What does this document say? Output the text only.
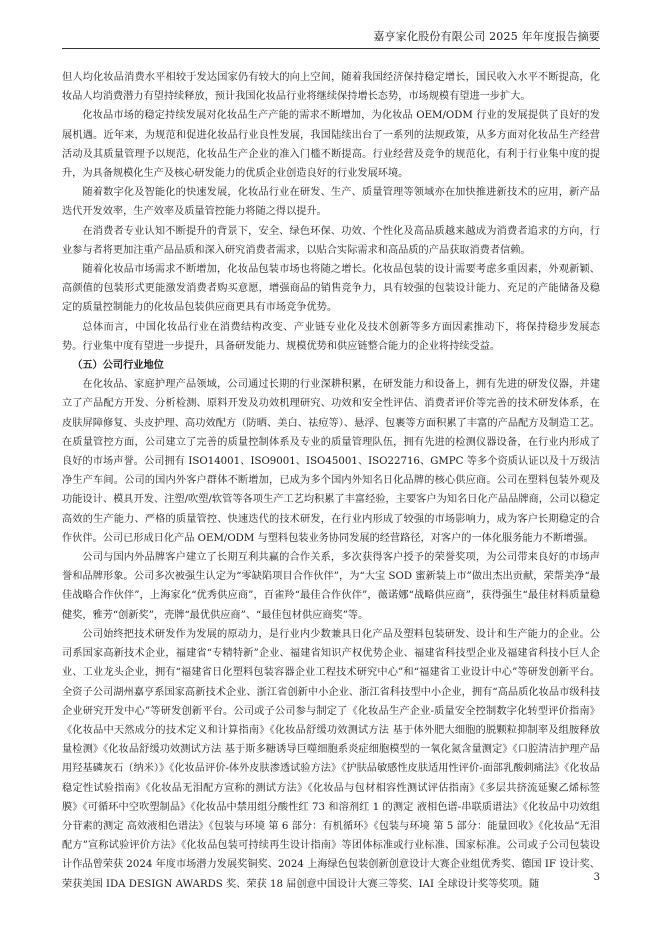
嘉亨家化股份有限公司 2025 年年度报告摘要

但人均化妆品消费水平相较于发达国家仍有较大的向上空间，随着我国经济保持稳定增长，国民收入水平不断提高，化妆品人均消费潜力有望持续释放，预计我国化妆品行业将继续保持增长态势，市场规模有望进一步扩大。

化妆品市场的稳定持续发展对化妆品生产产能的需求不断增加，为化妆品 OEM/ODM 行业的发展提供了良好的发展机遇。近年来，为规范和促进化妆品行业良性发展，我国陆续出台了一系列的法规政策，从多方面对化妆品生产经营活动及其质量管理予以规范，化妆品生产企业的准入门槛不断提高。行业经营及竞争的规范化，有利于行业集中度的提升，为具备规模化生产及核心研发能力的优质企业创造良好的行业发展环境。

随着数字化及智能化的快速发展，化妆品行业在研发、生产、质量管理等领域亦在加快推进新技术的应用，新产品迭代开发效率，生产效率及质量管控能力将随之得以提升。

在消费者专业认知不断提升的背景下，安全、绿色环保、功效、个性化及高品质越来越成为消费者追求的方向，行业参与者将更加注重产品品质和深入研究消费者需求，以贴合实际需求和高品质的产品获取消费者信赖。

随着化妆品市场需求不断增加，化妆品包装市场也将随之增长。化妆品包装的设计需要考虑多重因素，外观新颖、高颜值的包装形式更能激发消费者购买意愿，增强商品的销售竞争力，具有较强的包装设计能力、充足的产能储备及稳定的质量控制能力的化妆品包装供应商更具有市场竞争优势。

总体而言，中国化妆品行业在消费结构改变、产业链专业化及技术创新等多方面因素推动下，将保持稳步发展态势。行业集中度有望进一步提升，具备研发能力、规模优势和供应链整合能力的企业将持续受益。

（五）公司行业地位

在化妆品、家庭护理产品领域，公司通过长期的行业深耕积累，在研发能力和设备上，拥有先进的研发仪器，并建立了产品配方开发、分析检测、原料开发及功效机理研究、功效和安全性评估、消费者评价等完善的技术研发体系，在皮肤屏障修复、头皮护理、高功效配方（防晒、美白、祛痘等）、悬浮、包裹等方面积累了丰富的产品配方及制造工艺。在质量管控方面，公司建立了完善的质量控制体系及专业的质量管理队伍，拥有先进的检测仪器设备，在行业内形成了良好的市场声誉。公司拥有 ISO14001、ISO9001、ISO45001、ISO22716、GMPC 等多个资质认证以及十万级洁净生产车间。公司的国内外客户群体不断增加，已成为多个国内外知名日化品牌的核心供应商。公司在塑料包装外观及功能设计、模具开发、注塑/吹塑/软管等各项生产工艺均积累了丰富经验，主要客户为知名日化产品品牌商，公司以稳定高效的生产能力、严格的质量管控、快速迭代的技术研发，在行业内形成了较强的市场影响力，成为客户长期稳定的合作伙伴。公司已形成日化产品 OEM/ODM 与塑料包装业务协同发展的经营路径，对客户的一体化服务能力不断增强。

公司与国内外品牌客户建立了长期互利共赢的合作关系，多次获得客户授予的荣誉奖项，为公司带来良好的市场声誉和品牌形象。公司多次被强生认定为“零缺陷项目合作伙伴”，为“大宝 SOD 蜜新装上市”做出杰出贡献，荣帮美净“最佳战略合作伙伴”，上海家化“优秀供应商”，百雀羚“最佳合作伙伴”，薇诺娜“战略供应商”，获得强生“最佳材料质量稳健奖，雅芳“创新奖”，壳牌“最优供应商”、“最佳包材供应商奖”等。

公司始终把技术研发作为发展的原动力，是行业内少数兼具日化产品及塑料包装研发、设计和生产能力的企业。公司系国家高新技术企业，福建省“专精特新”企业、福建省知识产权优势企业、福建省科技型企业及福建省科技小巨人企业、工业龙头企业，拥有“福建省日化塑料包装容器企业工程技术研究中心”和“福建省工业设计中心”等研发创新平台。全资子公司湖州嘉亨系国家高新技术企业、浙江省创新中小企业、浙江省科技型中小企业，拥有“高品质化妆品市级科技企业研究开发中心”等研发创新平台。公司或子公司参与制定了《化妆品生产企业-质量安全控制数字化转型评价指南》《化妆品中天然成分的技术定义和计算指南》《化妆品舒缓功效测试方法 基于体外肥大细胞的脱颗粒抑制率及组胺释放量检测》《化妆品舒缓功效测试方法 基于斯多糖诱导巨噬细胞系炎症细胞模型的一氧化氮含量测定》《口腔清洁护理产品用羟基磷灰石（纳米）》《化妆品评价-体外皮肤渗透试验方法》《护肤品敏感性皮肤适用性评价-面部乳酸刺痛法》《化妆品稳定性试验指南》《化妆品无泪配方宣称的测试方法》《化妆品与包材相容性测试评估指南》《多层共挤流延聚乙烯标签膜》《可循环中空吹塑制品》《化妆品中禁用组分酸性红 73 和溶剂红 1 的测定 液相色谱-串联质谱法》《化妆品中功效组分苷素的测定 高效液相色谱法》《包装与环境 第 6 部分：有机循环》《包装与环境 第 5 部分：能量回收》《化妆品“无泪配方”宣称试验评价方法》《化妆品包装可持续再生设计指南》等团体标准或行业标准、国家标准。公司或子公司包装设计作品曾荣获 2024 年度市场潜力发展奖铜奖、2024 上海绿色包装创新创意设计大赛企业组优秀奖、德国 IF 设计奖、荣获美国 IDA DESIGN AWARDS 奖、荣获 18 届创意中国设计大赛三等奖、IAI 全球设计奖等奖项。随

3
